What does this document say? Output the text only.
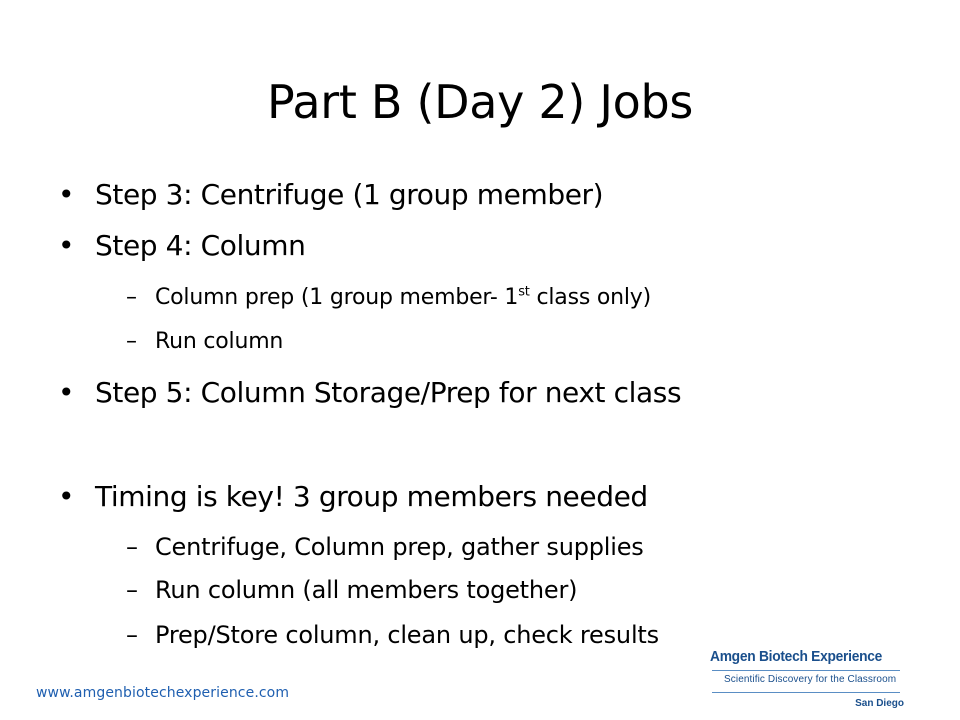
Part B (Day 2) Jobs
• Step 3: Centrifuge (1 group member)
• Step 4: Column
– Column prep (1 group member- 1st class only)
– Run column
• Step 5: Column Storage/Prep for next class
• Timing is key! 3 group members needed
– Centrifuge, Column prep, gather supplies
– Run column (all members together)
– Prep/Store column, clean up, check results
www.amgenbiotechexperience.com
Amgen Biotech Experience
Scientific Discovery for the Classroom
San Diego
